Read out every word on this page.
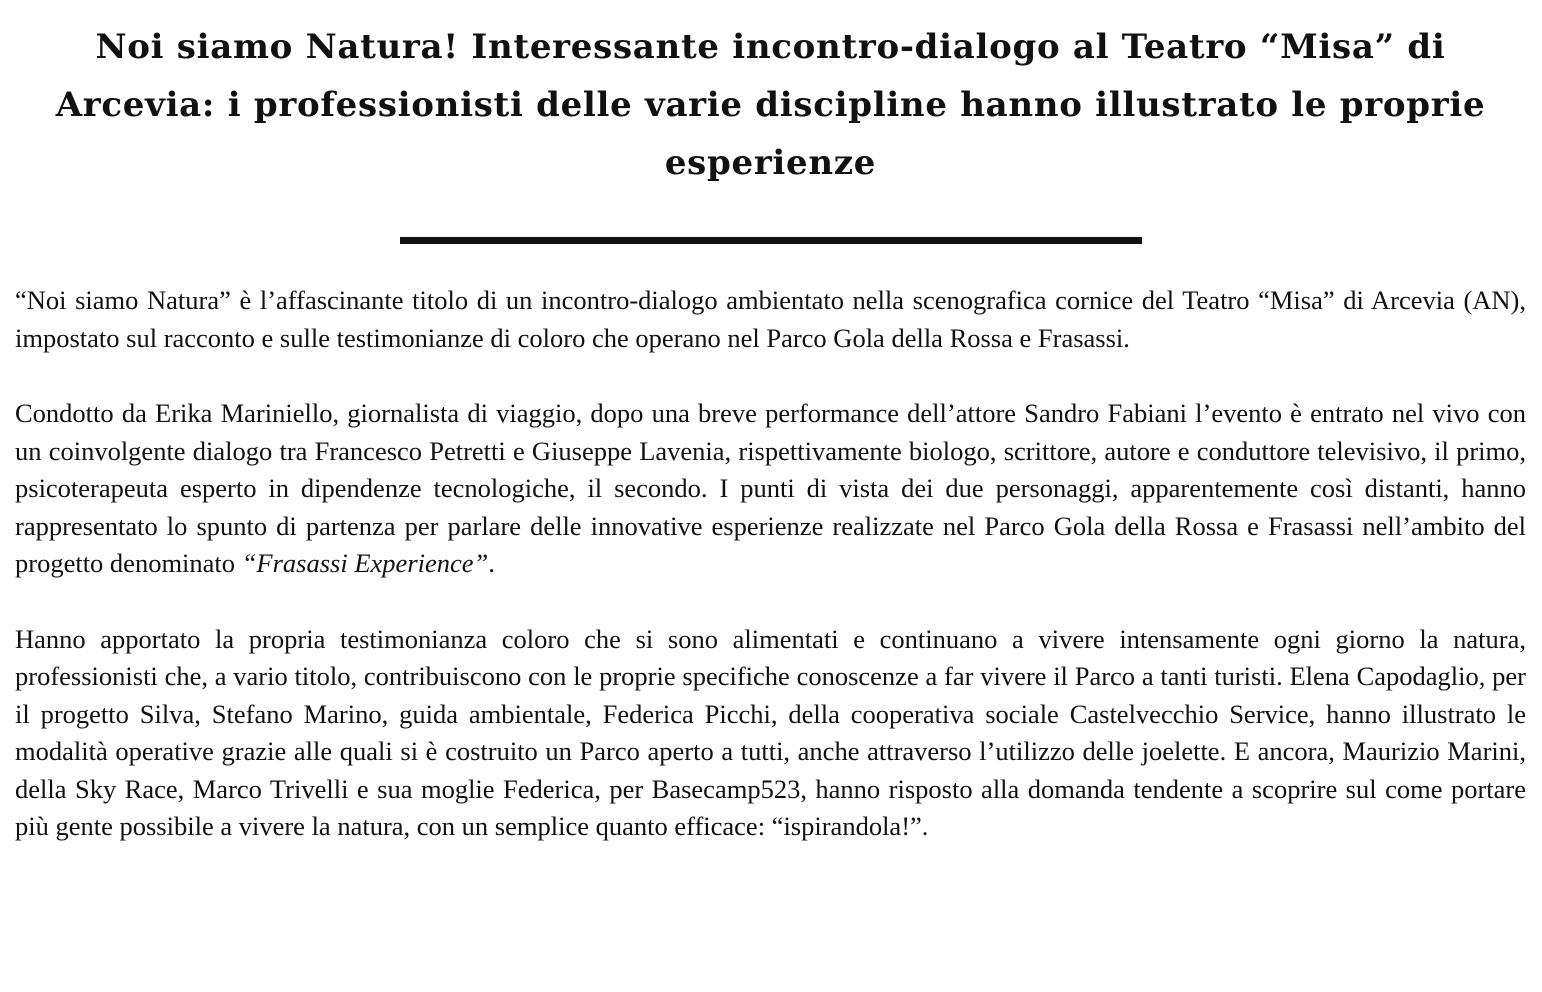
Noi siamo Natura! Interessante incontro-dialogo al Teatro “Misa” di Arcevia: i professionisti delle varie discipline hanno illustrato le proprie esperienze

“Noi siamo Natura” è l’affascinante titolo di un incontro-dialogo ambientato nella scenografica cornice del Teatro “Misa” di Arcevia (AN), impostato sul racconto e sulle testimonianze di coloro che operano nel Parco Gola della Rossa e Frasassi.

Condotto da Erika Mariniello, giornalista di viaggio, dopo una breve performance dell’attore Sandro Fabiani l’evento è entrato nel vivo con un coinvolgente dialogo tra Francesco Petretti e Giuseppe Lavenia, rispettivamente biologo, scrittore, autore e conduttore televisivo, il primo, psicoterapeuta esperto in dipendenze tecnologiche, il secondo. I punti di vista dei due personaggi, apparentemente così distanti, hanno rappresentato lo spunto di partenza per parlare delle innovative esperienze realizzate nel Parco Gola della Rossa e Frasassi nell’ambito del progetto denominato “Frasassi Experience”.

Hanno apportato la propria testimonianza coloro che si sono alimentati e continuano a vivere intensamente ogni giorno la natura, professionisti che, a vario titolo, contribuiscono con le proprie specifiche conoscenze a far vivere il Parco a tanti turisti. Elena Capodaglio, per il progetto Silva, Stefano Marino, guida ambientale, Federica Picchi, della cooperativa sociale Castelvecchio Service, hanno illustrato le modalità operative grazie alle quali si è costruito un Parco aperto a tutti, anche attraverso l’utilizzo delle joelette. E ancora, Maurizio Marini, della Sky Race, Marco Trivelli e sua moglie Federica, per Basecamp523, hanno risposto alla domanda tendente a scoprire sul come portare più gente possibile a vivere la natura, con un semplice quanto efficace: “ispirandola!”.
